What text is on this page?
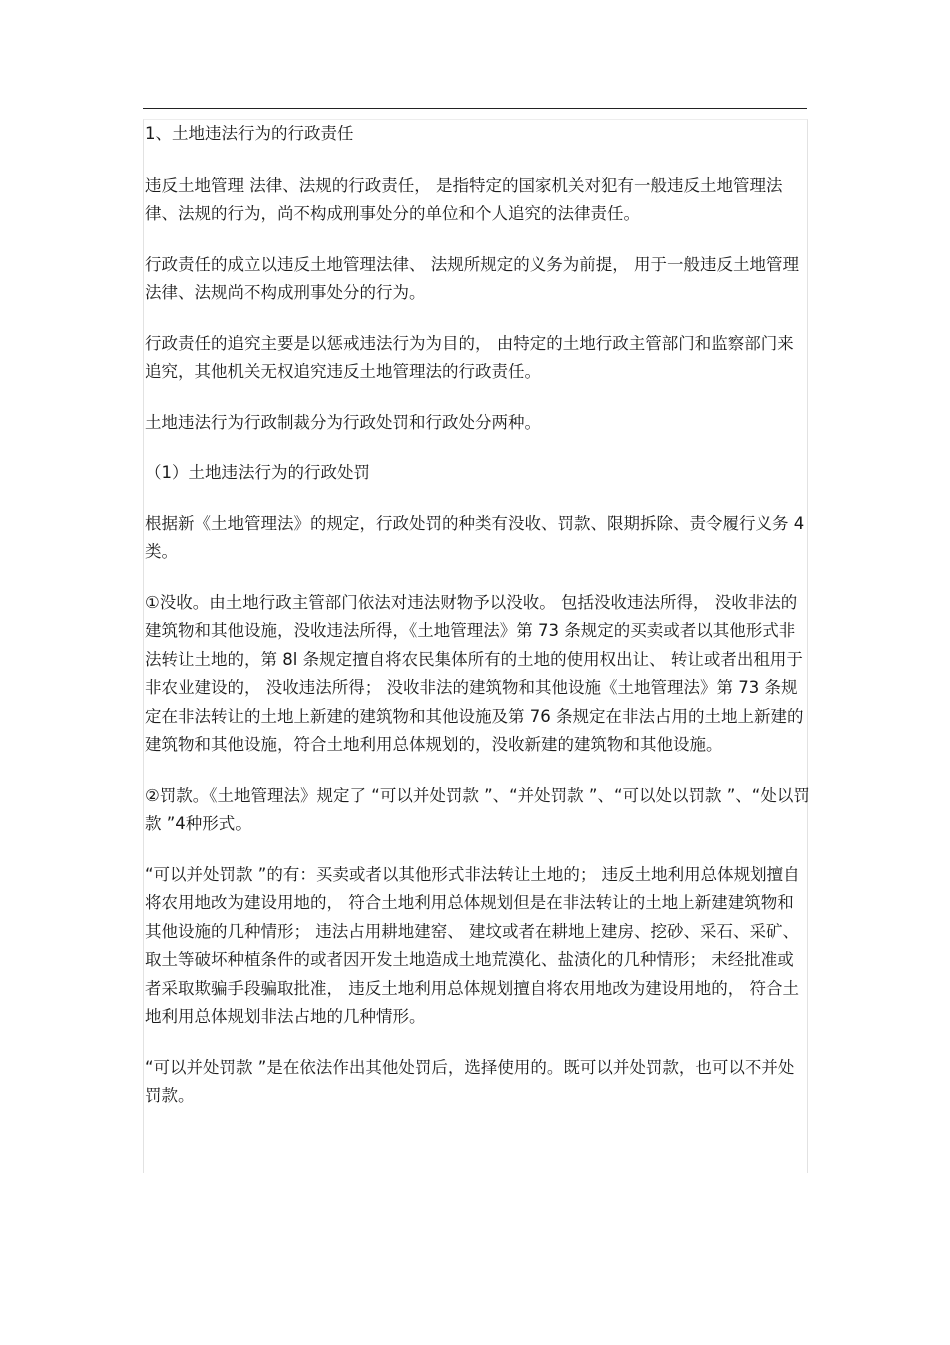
1、土地违法行为的行政责任

违反土地管理 法律、法规的行政责任， 是指特定的国家机关对犯有一般违反土地管理法律、法规的行为，尚不构成刑事处分的单位和个人追究的法律责任。

行政责任的成立以违反土地管理法律、 法规所规定的义务为前提， 用于一般违反土地管理法律、法规尚不构成刑事处分的行为。

行政责任的追究主要是以惩戒违法行为为目的， 由特定的土地行政主管部门和监察部门来追究，其他机关无权追究违反土地管理法的行政责任。

土地违法行为行政制裁分为行政处罚和行政处分两种。

（1）土地违法行为的行政处罚

根据新《土地管理法》的规定，行政处罚的种类有没收、罚款、限期拆除、责令履行义务 4 类。

①没收。由土地行政主管部门依法对违法财物予以没收。 包括没收违法所得， 没收非法的建筑物和其他设施，没收违法所得，《土地管理法》第 73 条规定的买卖或者以其他形式非法转让土地的，第 8l 条规定擅自将农民集体所有的土地的使用权出让、 转让或者出租用于非农业建设的， 没收违法所得； 没收非法的建筑物和其他设施《土地管理法》第 73 条规定在非法转让的土地上新建的建筑物和其他设施及第 76 条规定在非法占用的土地上新建的建筑物和其他设施，符合土地利用总体规划的，没收新建的建筑物和其他设施。

②罚款。《土地管理法》规定了 “可以并处罚款 ”、“并处罚款 ”、“可以处以罚款 ”、“处以罚款 ”4种形式。

“可以并处罚款 ”的有：买卖或者以其他形式非法转让土地的； 违反土地利用总体规划擅自将农用地改为建设用地的， 符合土地利用总体规划但是在非法转让的土地上新建建筑物和其他设施的几种情形； 违法占用耕地建窑、 建坟或者在耕地上建房、挖砂、采石、采矿、取土等破坏种植条件的或者因开发土地造成土地荒漠化、盐渍化的几种情形； 未经批准或者采取欺骗手段骗取批准， 违反土地利用总体规划擅自将农用地改为建设用地的， 符合土地利用总体规划非法占地的几种情形。

“可以并处罚款 ”是在依法作出其他处罚后，选择使用的。既可以并处罚款，也可以不并处罚款。
